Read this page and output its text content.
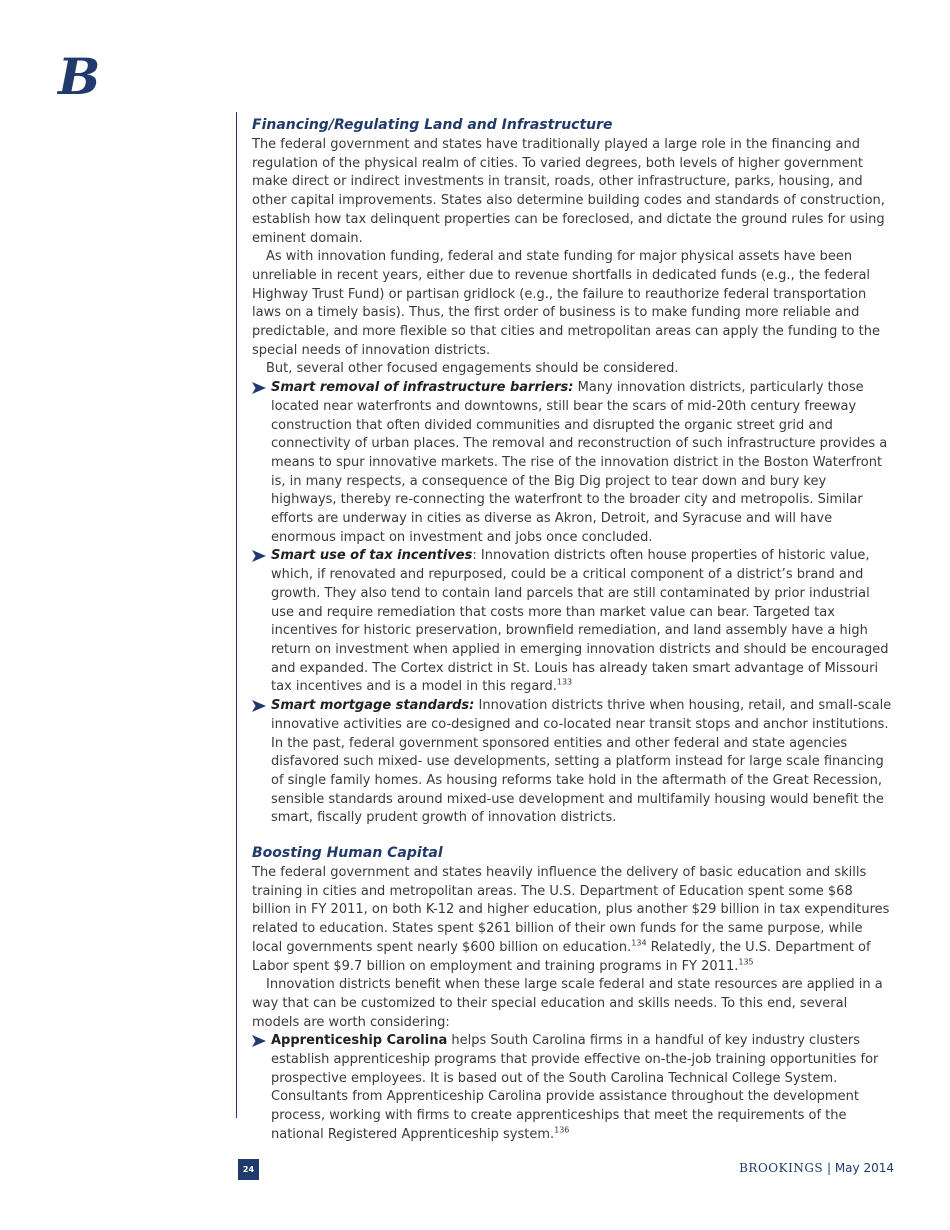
B
Financing/Regulating Land and Infrastructure

The federal government and states have traditionally played a large role in the financing and regulation of the physical realm of cities. To varied degrees, both levels of higher government make direct or indirect investments in transit, roads, other infrastructure, parks, housing, and other capital improvements. States also determine building codes and standards of construction, establish how tax delinquent properties can be foreclosed, and dictate the ground rules for using eminent domain.

As with innovation funding, federal and state funding for major physical assets have been unreliable in recent years, either due to revenue shortfalls in dedicated funds (e.g., the federal Highway Trust Fund) or partisan gridlock (e.g., the failure to reauthorize federal transportation laws on a timely basis). Thus, the first order of business is to make funding more reliable and predictable, and more flexible so that cities and metropolitan areas can apply the funding to the special needs of innovation districts.

But, several other focused engagements should be considered.

Smart removal of infrastructure barriers: Many innovation districts, particularly those located near waterfronts and downtowns, still bear the scars of mid-20th century freeway construction that often divided communities and disrupted the organic street grid and connectivity of urban places. The removal and reconstruction of such infrastructure provides a means to spur innovative markets. The rise of the innovation district in the Boston Waterfront is, in many respects, a consequence of the Big Dig project to tear down and bury key highways, thereby re-connecting the waterfront to the broader city and metropolis. Similar efforts are underway in cities as diverse as Akron, Detroit, and Syracuse and will have enormous impact on investment and jobs once concluded.
Smart use of tax incentives: Innovation districts often house properties of historic value, which, if renovated and repurposed, could be a critical component of a district’s brand and growth. They also tend to contain land parcels that are still contaminated by prior industrial use and require remediation that costs more than market value can bear. Targeted tax incentives for historic preservation, brownfield remediation, and land assembly have a high return on investment when applied in emerging innovation districts and should be encouraged and expanded. The Cortex district in St. Louis has already taken smart advantage of Missouri tax incentives and is a model in this regard.$^{133}$
Smart mortgage standards: Innovation districts thrive when housing, retail, and small-scale innovative activities are co-designed and co-located near transit stops and anchor institutions. In the past, federal government sponsored entities and other federal and state agencies disfavored such mixed- use developments, setting a platform instead for large scale financing of single family homes. As housing reforms take hold in the aftermath of the Great Recession, sensible standards around mixed-use development and multifamily housing would benefit the smart, fiscally prudent growth of innovation districts.
Boosting Human Capital

The federal government and states heavily influence the delivery of basic education and skills training in cities and metropolitan areas. The U.S. Department of Education spent some $68 billion in FY 2011, on both K-12 and higher education, plus another $29 billion in tax expenditures related to education. States spent $261 billion of their own funds for the same purpose, while local governments spent nearly $600 billion on education.$^{134}$ Relatedly, the U.S. Department of Labor spent $9.7 billion on employment and training programs in FY 2011.$^{135}$

Innovation districts benefit when these large scale federal and state resources are applied in a way that can be customized to their special education and skills needs. To this end, several models are worth considering:

Apprenticeship Carolina helps South Carolina firms in a handful of key industry clusters establish apprenticeship programs that provide effective on-the-job training opportunities for prospective employees. It is based out of the South Carolina Technical College System. Consultants from Apprenticeship Carolina provide assistance throughout the development process, working with firms to create apprenticeships that meet the requirements of the national Registered Apprenticeship system.$^{136}$
24	BROOKINGS | May 2014
